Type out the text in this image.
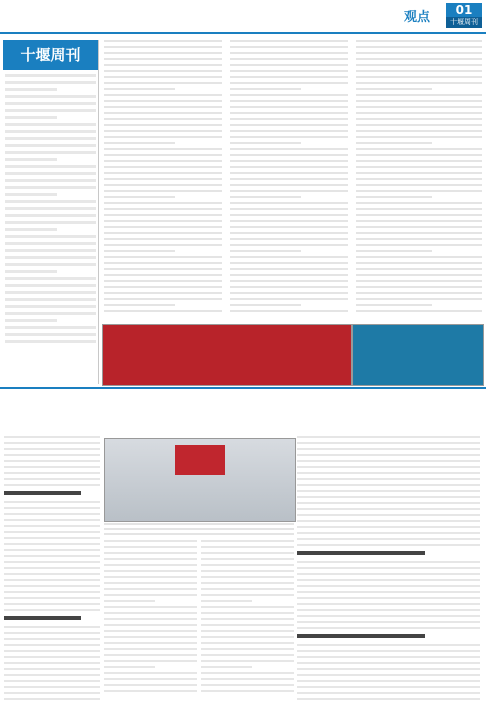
观点	01
十堰周刊
十堰周刊
